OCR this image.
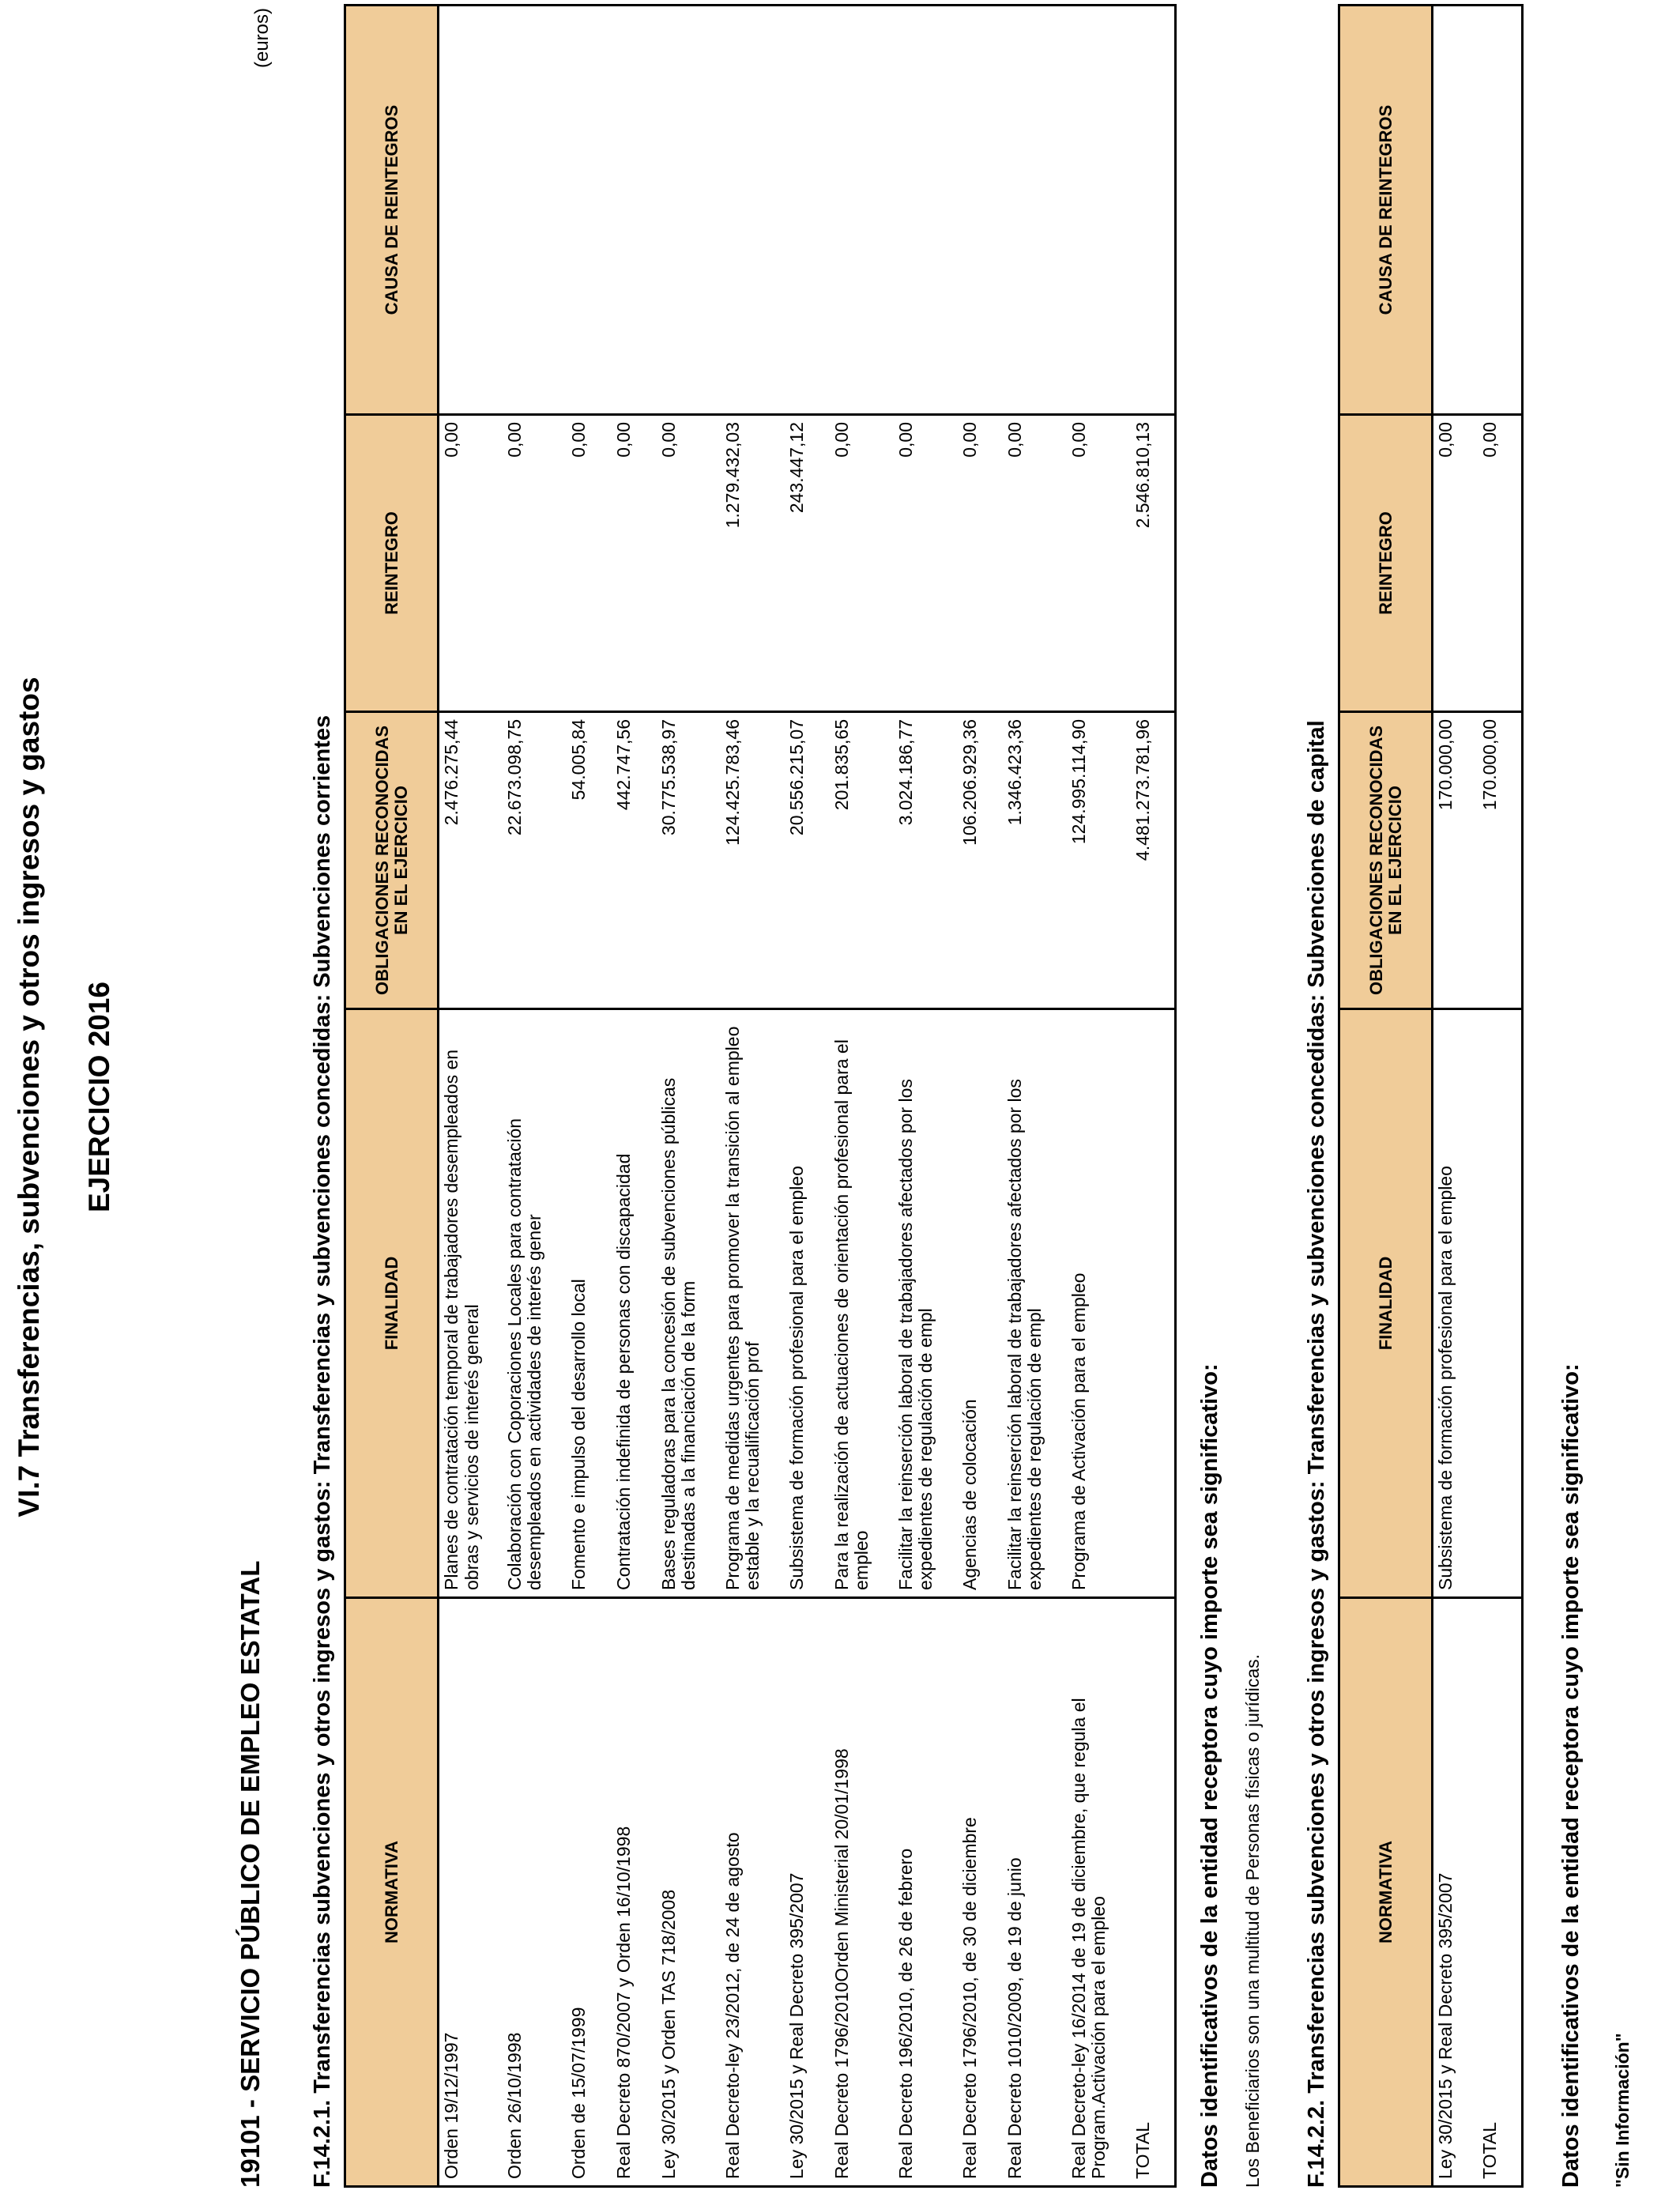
VI.7 Transferencias, subvenciones y otros ingresos y gastos EJERCICIO 2016
(euros)
19101 - SERVICIO PÚBLICO DE EMPLEO ESTATAL F.14.2.1. Transferencias subvenciones y otros ingresos y gastos: Transferencias y subvenciones concedidas: Subvenciones corrientes	NORMATIVA	FINALIDAD	OBLIGACIONES RECONOCIDAS EN EL EJERCICIO	REINTEGRO	CAUSA DE REINTEGROS
Orden 19/12/1997	Planes de contratación temporal de trabajadores desempleados en obras y servicios de interés general	2.476.275,44	0,00	
Orden 26/10/1998	Colaboración con Coporaciones Locales para contratación desempleados en actividades de interés gener	22.673.098,75	0,00	
Orden de 15/07/1999	Fomento e impulso del desarrollo local	54.005,84	0,00	
Real Decreto 870/2007 y Orden 16/10/1998	Contratación indefinida de personas con discapacidad	442.747,56	0,00	
Ley 30/2015 y Orden TAS 718/2008	Bases reguladoras para la concesión de subvenciones públicas destinadas a la financiación de la form	30.775.538,97	0,00	
Real Decreto-ley 23/2012, de 24 de agosto	Programa de medidas urgentes para promover la transición al empleo estable y la recualificación prof	124.425.783,46	1.279.432,03	
Ley 30/2015 y Real Decreto 395/2007	Subsistema de formación profesional para el empleo	20.556.215,07	243.447,12	
Real Decreto 1796/2010Orden Ministerial 20/01/1998	Para la realización de actuaciones de orientación profesional para el empleo	201.835,65	0,00	
Real Decreto 196/2010, de 26 de febrero	Facilitar la reinserción laboral de trabajadores afectados por los expedientes de regulación de empl	3.024.186,77	0,00	
Real Decreto 1796/2010, de 30 de diciembre	Agencias de colocación	106.206.929,36	0,00	
Real Decreto 1010/2009, de 19 de junio	Facilitar la reinserción laboral de trabajadores afectados por los expedientes de regulación de empl	1.346.423,36	0,00	
Real Decreto-ley 16/2014 de 19 de diciembre, que regula el Program.Activación para el empleo	Programa de Activación para el empleo	124.995.114,90	0,00	
TOTAL		4.481.273.781,96	2.546.810,13	
Datos identificativos de la entidad receptora cuyo importe sea significativo: Los Beneficiarios son una multitud de Personas físicas o jurídicas. F.14.2.2. Transferencias subvenciones y otros ingresos y gastos: Transferencias y subvenciones concedidas: Subvenciones de capital	NORMATIVA	FINALIDAD	OBLIGACIONES RECONOCIDAS EN EL EJERCICIO	REINTEGRO	CAUSA DE REINTEGROS
Ley 30/2015 y Real Decreto 395/2007	Subsistema de formación profesional para el empleo	170.000,00	0,00	
TOTAL		170.000,00	0,00	
Datos identificativos de la entidad receptora cuyo importe sea significativo: "Sin Información"
